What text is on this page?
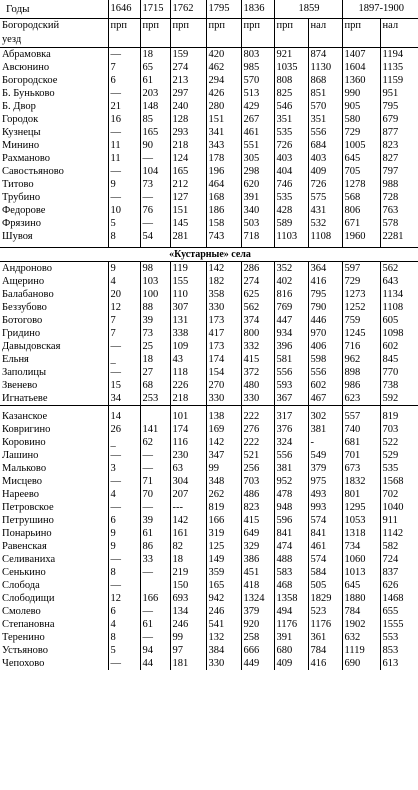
Годы	1646	1715	1762	1795	1836	1859		1897-1900	
Богородский	прп	прп	прп	прп	прп	прп	нал	прп	нал
уезд									
Абрамовка	—	18	159	420	803	921	874	1407	1194
Авсюнино	7	65	274	462	985	1035	1130	1604	1135
Богородское	6	61	213	294	570	808	868	1360	1159
Б. Буньково	—	203	297	426	513	825	851	990	951
Б. Двор	21	148	240	280	429	546	570	905	795
Городок	16	85	128	151	267	351	351	580	679
Кузнецы	—	165	293	341	461	535	556	729	877
Минино	11	90	218	343	551	726	684	1005	823
Рахманово	11	—	124	178	305	403	403	645	827
Савостьяново	—	104	165	196	298	404	409	705	797
Титово	9	73	212	464	620	746	726	1278	988
Трубино	—	—	127	168	391	535	575	568	728
Федорове	10	76	151	186	340	428	431	806	763
Фрязино	5	—	145	158	503	589	532	671	578
Шувоя	8	54	281	743	718	1103	1108	1960	2281

«Кустарные» села									
Андроново	9	98	119	142	286	352	364	597	562
Ащерино	4	103	155	182	274	402	416	729	643
Балабаново	20	100	110	358	625	816	795	1273	1134
Беззубово	12	88	307	330	562	769	790	1252	1108
Ботогово	7	39	131	173	374	447	446	759	605
Гридино	7	73	338	417	800	934	970	1245	1098
Давыдовская	—	25	109	173	332	396	406	716	602
Ельня	_	18	43	174	415	581	598	962	845
Заполицы	—	27	118	154	372	556	556	898	770
Звенево	15	68	226	270	480	593	602	986	738
Игнатьеве	34	253	218	330	330	367	467	623	592

Казанское	14		101	138	222	317	302	557	819
Ковригино	26	141	174	169	276	376	381	740	703
Коровино	_	62	116	142	222	324	-	681	522
Лашино	—	—	230	347	521	556	549	701	529
Мальково	3	—	63	99	256	381	379	673	535
Мисцево	—	71	304	348	703	952	975	1832	1568
Нареево	4	70	207	262	486	478	493	801	702
Петровское	—	—	---	819	823	948	993	1295	1040
Петрушино	6	39	142	166	415	596	574	1053	911
Понарьино	9	61	161	319	649	841	841	1318	1142
Равенская	9	86	82	125	329	474	461	734	582
Селиваниха	—	33	18	149	386	488	574	1060	724
Сенькино	8	—	219	359	451	583	584	1013	837
Слобода	—		150	165	418	468	505	645	626
Слободищи	12	166	693	942	1324	1358	1829	1880	1468
Смолево	6	—	134	246	379	494	523	784	655
Степановна	4	61	246	541	920	1176	1176	1902	1555
Теренино	8	—	99	132	258	391	361	632	553
Устьяново	5	94	97	384	666	680	784	1119	853
Чепохово	—	44	181	330	449	409	416	690	613
